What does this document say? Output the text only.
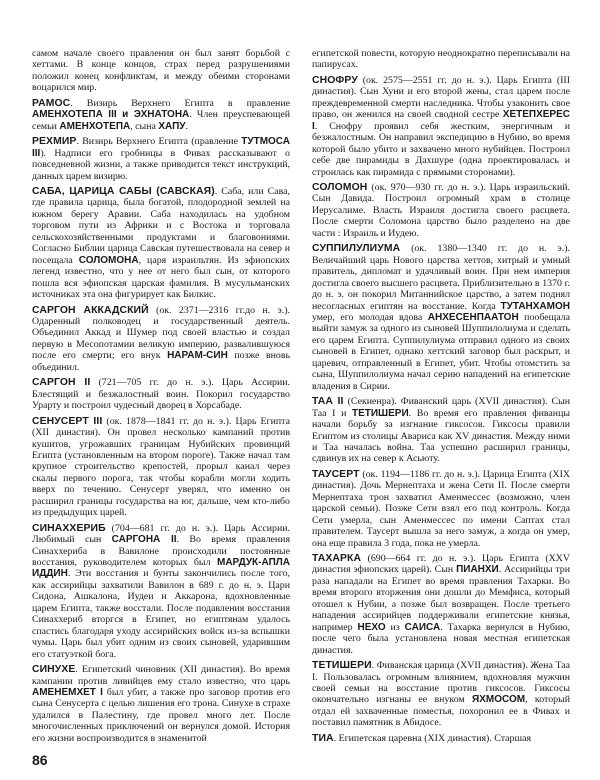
самом начале своего правления он был занят борьбой с хеттами. В конце концов, страх перед разрушениями положил конец конфликтам, и между обеими сторонами воцарился мир.

РАМОС. Визирь Верхнего Египта в правление АМЕНХОТЕПА III и ЭХНАТОНА. Член преуспевающей семьи АМЕНХОТЕПА, сына ХАПУ.

РЕХМИР. Визирь Верхнего Египта (правление ТУТМОСА III). Надписи его гробницы в Фивах рассказывают о повседневной жизни, а также приводится текст инструкций, данных царем визирю.

САБА, ЦАРИЦА САБЫ (САВСКАЯ). Саба, или Сава, где правила царица, была богатой, плодородной землей на южном берегу Аравии. Саба находилась на удобном торговом пути из Африки и с Востока и торговала сельскохозяйственными продуктами и благовониями. Согласно Библии царица Савская путешествовала на север и посещала СОЛОМОНА, царя израильтян. Из эфиопских легенд известно, что у нее от него был сын, от которого пошла вся эфиопская царская фамилия. В мусульманских источниках эта она фигурирует как Билкис.

САРГОН АККАДСКИЙ (ок. 2371—2316 гг.до н. э.). Одаренный полководец и государственный деятель. Объединил Аккад и Шумер под своей властью и создал первую в Месопотамии великую империю, развалившуюся после его смерти; его внук НАРАМ-СИН позже вновь объединил.

САРГОН II (721—705 гг. до н. э.). Царь Ассирии. Блестящий и безжалостный воин. Покорил государство Урарту и построил чудесный дворец в Хорсабаде.

СЕНУСЕРТ III (ок. 1878—1841 гг. до н. э.). Царь Египта (XII династия). Он провел несколько кампаний против кушитов, угрожавших границам Нубийских провинций Египта (установленным на втором пороге). Также начал там крупное строительство крепостей, прорыл канал через скалы первого порога, так чтобы корабли могли ходить вверх по течению. Сенусерт уверял, что именно он расширил границы государства на юг, дальше, чем кто-либо из предыдущих царей.

СИНАХХЕРИБ (704—681 гг. до н. э.). Царь Ассирии. Любимый сын САРГОНА II. Во время правления Синаххериба в Вавилоне происходили постоянные восстания, руководителем которых был МАРДУК-АПЛА ИДДИН. Эти восстания и бунты закончились после того, как ассирийцы захватили Вавилон в 689 г. до н. э. Цари Сидона, Ашкалона, Иудеи и Аккарона, вдохновленные царем Египта, также восстали. После подавления восстания Синаххериб вторгся в Египет, но египтянам удалось спастись благодаря уходу ассирийских войск из-за вспышки чумы. Царь был убит одним из своих сыновей, ударившим его статуэткой бога.

СИНУХЕ. Египетский чиновник (XII династия). Во время кампании против ливийцев ему стало известно, что царь АМЕНЕМХЕТ I был убит, а также про заговор против его сына Сенусерта с целью лишения его трона. Синухе в страхе удалился в Палестину, где провел много лет. После многочисленных приключений он вернулся домой. История его жизни воспроизводится в знаменитой

египетской повести, которую неоднократно переписывали на папирусах.

СНОФРУ (ок. 2575—2551 гг. до н. э.). Царь Египта (III династия). Сын Хуни и его второй жены, стал царем после преждевременной смерти наследника. Чтобы узаконить свое право, он женился на своей сводной сестре ХЕТЕПХЕРЕС I. Снофру проявил себя жестким, энергичным и безжалостным. Он направил экспедицию в Нубию, во время которой было убито и захвачено много нубийцев. Построил себе две пирамиды в Дахшуре (одна проектировалась и строилась как пирамида с прямыми сторонами).

СОЛОМОН (ок. 970—930 гг. до н. э.). Царь израильский. Сын Давида. Построил огромный храм в столице Иерусалиме. Власть Израиля достигла своего расцвета. После смерти Соломона царство было разделено на две части : Израиль и Иудею.

СУППИЛУЛИУМА (ок. 1380—1340 гг. до н. э.). Величайший царь Нового царства хеттов, хитрый и умный правитель, дипломат и удачливый воин. При нем империя достигла своего высшего расцвета. Приблизительно в 1370 г. до н. э. он покорил Митаннийское царство, а затем поднял несогласных египтян на восстание. Когда ТУТАНХАМОН умер, его молодая вдова АНХЕСЕНПААТОН пообещала выйти замуж за одного из сыновей Шуппилолиума и сделать его царем Египта. Суппилулиума отправил одного из своих сыновей в Египет, однако хеттский заговор был раскрыт, и царевич, отправленный в Египет, убит. Чтобы отомстить за сына, Шуппилолиума начал серию нападений на египетские владения в Сирии.

ТАА II (Секиенра). Фиванский царь (XVII династия). Сын Таа I и ТЕТИШЕРИ. Во время его правления фиванцы начали борьбу за изгнание гиксосов. Гиксосы правили Египтом из столицы Авариса как XV династия. Между ними и Таа началась война. Таа успешно расширил границы, сдвинув их на север к Асьюту.

ТАУСЕРТ (ок. 1194—1186 гг. до н. э.). Царица Египта (XIX династия). Дочь Мернептаха и жена Сети II. После смерти Мернептаха трон захватил Аменмессес (возможно, член царской семьи). Позже Сети взял его под контроль. Когда Сети умерла, сын Аменмессес по имени Саптах стал правителем. Таусерт вышла за него замуж, а когда он умер, она еще правила 3 года, пока не умерла.

ТАХАРКА (690—664 гг. до н. э.). Царь Египта (XXV династия эфиопских царей). Сын ПИАНХИ. Ассирийцы три раза нападали на Египет во время правления Тахарки. Во время второго вторжения они дошли до Мемфиса, который отошел к Нубии, а позже был возвращен. После третьего нападения ассирийцев поддерживали египетские князья, например НЕХО из САИСА. Тахарка вернулся в Нубию, после чего была установлена новая местная египетская династия.

ТЕТИШЕРИ. Фиванская царица (XVII династия). Жена Таа I. Пользовалась огромным влиянием, вдохновляя мужчин своей семьи на восстание против гиксосов. Гиксосы окончательно изгнаны ее внуком ЯХМОСОМ, который отдал ей захваченные поместья, похоронил ее в Фивах и поставил памятник в Абидосе.

ТИА. Египетская царевна (XIX династия). Старшая

86
